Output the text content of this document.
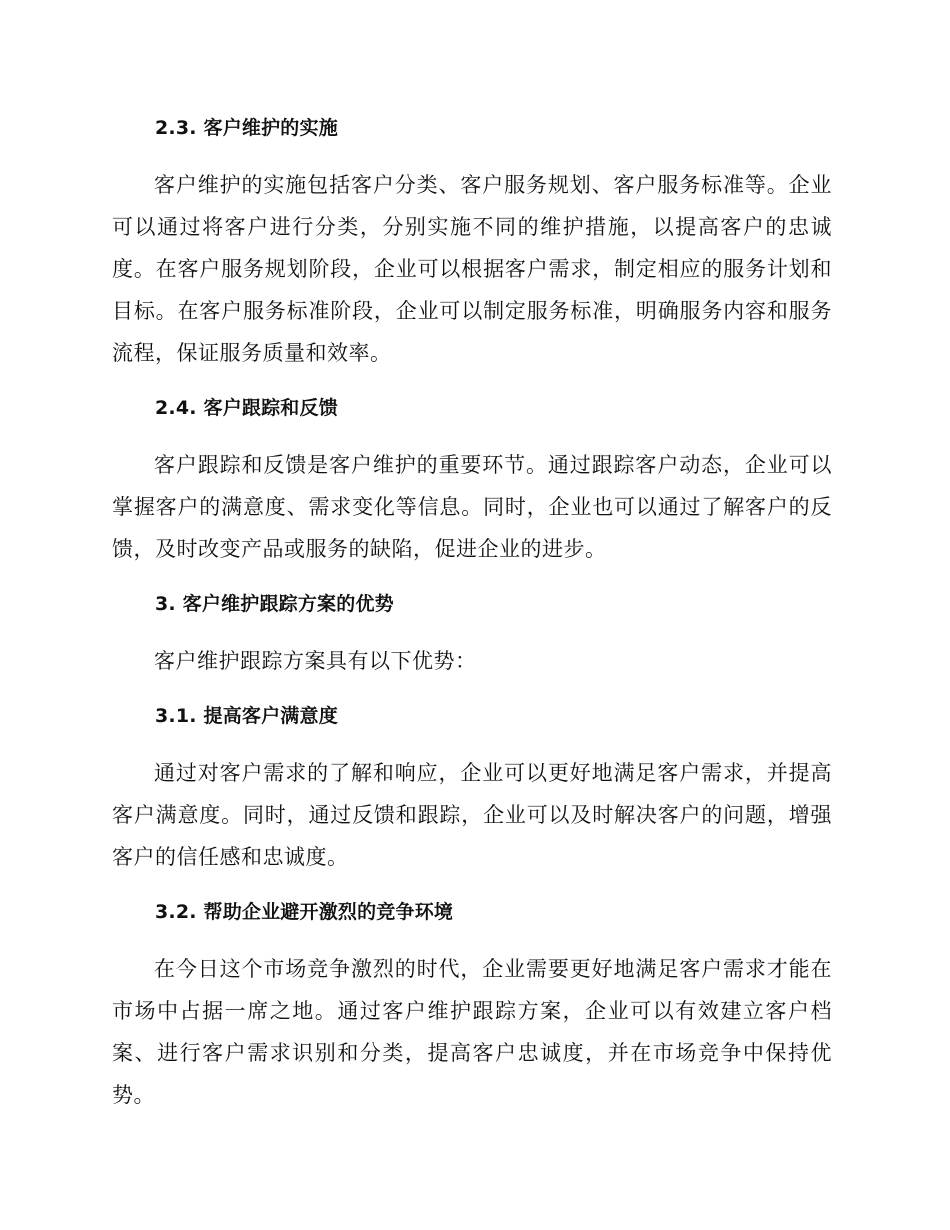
2.3. 客户维护的实施

客户维护的实施包括客户分类、客户服务规划、客户服务标准等。企业可以通过将客户进行分类，分别实施不同的维护措施，以提高客户的忠诚度。在客户服务规划阶段，企业可以根据客户需求，制定相应的服务计划和目标。在客户服务标准阶段，企业可以制定服务标准，明确服务内容和服务流程，保证服务质量和效率。

2.4. 客户跟踪和反馈

客户跟踪和反馈是客户维护的重要环节。通过跟踪客户动态，企业可以掌握客户的满意度、需求变化等信息。同时，企业也可以通过了解客户的反馈，及时改变产品或服务的缺陷，促进企业的进步。

3. 客户维护跟踪方案的优势

客户维护跟踪方案具有以下优势：

3.1. 提高客户满意度

通过对客户需求的了解和响应，企业可以更好地满足客户需求，并提高客户满意度。同时，通过反馈和跟踪，企业可以及时解决客户的问题，增强客户的信任感和忠诚度。

3.2. 帮助企业避开激烈的竞争环境

在今日这个市场竞争激烈的时代，企业需要更好地满足客户需求才能在市场中占据一席之地。通过客户维护跟踪方案，企业可以有效建立客户档案、进行客户需求识别和分类，提高客户忠诚度，并在市场竞争中保持优势。
